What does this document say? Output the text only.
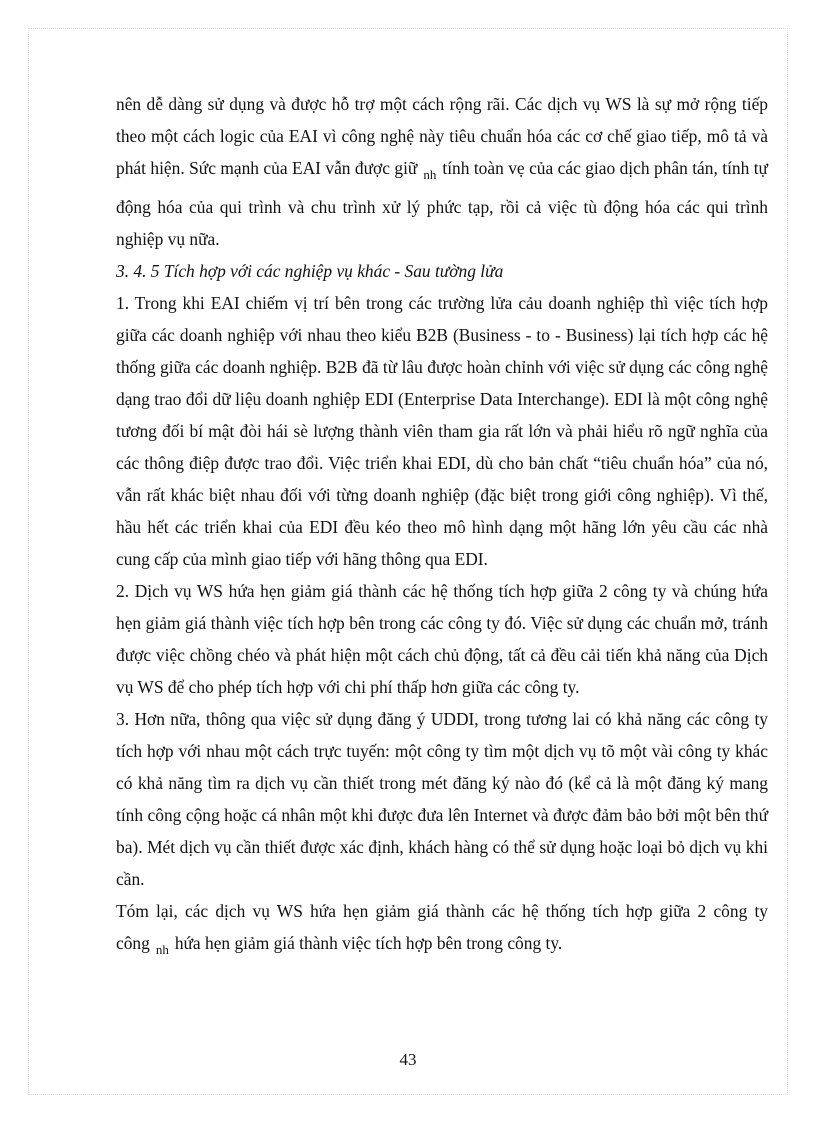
nên dễ dàng sử dụng và được hỗ trợ một cách rộng rãi. Các dịch vụ WS là sự mở rộng tiếp theo một cách logic của EAI vì công nghệ này tiêu chuẩn hóa các cơ chế giao tiếp, mô tả và phát hiện. Sức mạnh của EAI vẫn được giữ $_{nh}$ tính toàn vẹ của các giao dịch phân tán, tính tự động hóa của qui trình và chu trình xử lý phức tạp, rồi cả việc tù động hóa các qui trình nghiệp vụ nữa.

3. 4. 5 Tích hợp với các nghiệp vụ khác - Sau tường lửa

1. Trong khi EAI chiếm vị trí bên trong các trường lửa cảu doanh nghiệp thì việc tích hợp giữa các doanh nghiệp với nhau theo kiểu B2B (Business - to - Business) lại tích hợp các hệ thống giữa các doanh nghiệp. B2B đã từ lâu được hoàn chỉnh với việc sử dụng các công nghệ dạng trao đổi dữ liệu doanh nghiệp EDI (Enterprise Data Interchange). EDI là một công nghệ tương đối bí mật đòi hái sè lượng thành viên tham gia rất lớn và phải hiểu rõ ngữ nghĩa của các thông điệp được trao đổi. Việc triển khai EDI, dù cho bản chất “tiêu chuẩn hóa” của nó, vẫn rất khác biệt nhau đối với từng doanh nghiệp (đặc biệt trong giới công nghiệp). Vì thế, hầu hết các triển khai của EDI đều kéo theo mô hình dạng một hãng lớn yêu cầu các nhà cung cấp của mình giao tiếp với hãng thông qua EDI.

2. Dịch vụ WS hứa hẹn giảm giá thành các hệ thống tích hợp giữa 2 công ty và chúng hứa hẹn giảm giá thành việc tích hợp bên trong các công ty đó. Việc sử dụng các chuẩn mở, tránh được việc chồng chéo và phát hiện một cách chủ động, tất cả đều cải tiến khả năng của Dịch vụ WS để cho phép tích hợp với chi phí thấp hơn giữa các công ty.

3. Hơn nữa, thông qua việc sử dụng đăng ý UDDI, trong tương lai có khả năng các công ty tích hợp với nhau một cách trực tuyến: một công ty tìm một dịch vụ tõ một vài công ty khác có khả năng tìm ra dịch vụ cần thiết trong mét đăng ký nào đó (kể cả là một đăng ký mang tính công cộng hoặc cá nhân một khi được đưa lên Internet và được đảm bảo bởi một bên thứ ba). Mét dịch vụ cần thiết được xác định, khách hàng có thể sử dụng hoặc loại bỏ dịch vụ khi cần.

Tóm lại, các dịch vụ WS hứa hẹn giảm giá thành các hệ thống tích hợp giữa 2 công ty công $_{nh}$ hứa hẹn giảm giá thành việc tích hợp bên trong công ty.

43
